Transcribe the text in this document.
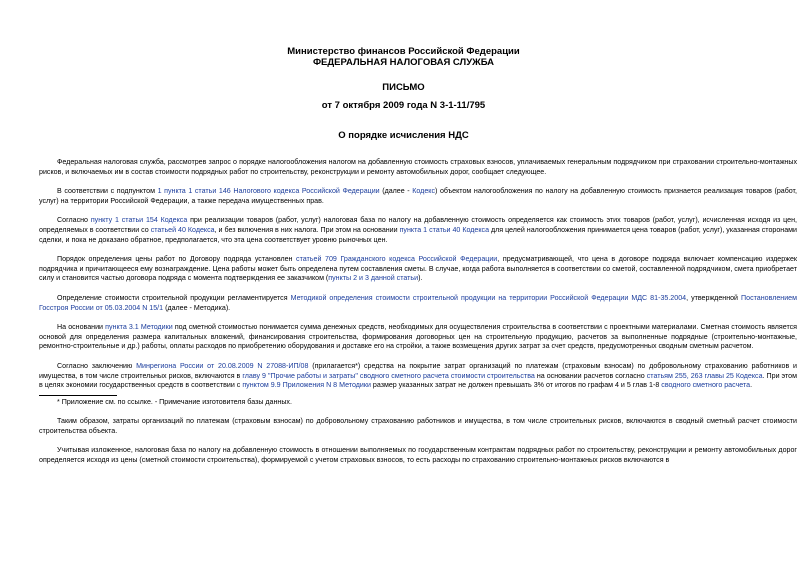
Министерство финансов Российской Федерации
ФЕДЕРАЛЬНАЯ НАЛОГОВАЯ СЛУЖБА
ПИСЬМО
от 7 октября 2009 года N 3-1-11/795
О порядке исчисления НДС

Федеральная налоговая служба, рассмотрев запрос о порядке налогообложения налогом на добавленную стоимость страховых взносов, уплачиваемых генеральным подрядчиком при страховании строительно-монтажных рисков, и включаемых им в состав стоимости подрядных работ по строительству, реконструкции и ремонту автомобильных дорог, сообщает следующее.

В соответствии с подпунктом 1 пункта 1 статьи 146 Налогового кодекса Российской Федерации (далее - Кодекс) объектом налогообложения по налогу на добавленную стоимость признается реализация товаров (работ, услуг) на территории Российской Федерации, а также передача имущественных прав.

Согласно пункту 1 статьи 154 Кодекса при реализации товаров (работ, услуг) налоговая база по налогу на добавленную стоимость определяется как стоимость этих товаров (работ, услуг), исчисленная исходя из цен, определяемых в соответствии со статьей 40 Кодекса, и без включения в них налога. При этом на основании пункта 1 статьи 40 Кодекса для целей налогообложения принимается цена товаров (работ, услуг), указанная сторонами сделки, и пока не доказано обратное, предполагается, что эта цена соответствует уровню рыночных цен.

Порядок определения цены работ по Договору подряда установлен статьей 709 Гражданского кодекса Российской Федерации, предусматривающей, что цена в договоре подряда включает компенсацию издержек подрядчика и причитающееся ему вознаграждение. Цена работы может быть определена путем составления сметы. В случае, когда работа выполняется в соответствии со сметой, составленной подрядчиком, смета приобретает силу и становится частью договора подряда с момента подтверждения ее заказчиком (пункты 2 и 3 данной статьи).

Определение стоимости строительной продукции регламентируется Методикой определения стоимости строительной продукции на территории Российской Федерации МДС 81-35.2004, утвержденной Постановлением Госстроя России от 05.03.2004 N 15/1 (далее - Методика).

На основании пункта 3.1 Методики под сметной стоимостью понимается сумма денежных средств, необходимых для осуществления строительства в соответствии с проектными материалами. Сметная стоимость является основой для определения размера капитальных вложений, финансирования строительства, формирования договорных цен на строительную продукцию, расчетов за выполненные подрядные (строительно-монтажные, ремонтно-строительные и др.) работы, оплаты расходов по приобретению оборудования и доставке его на стройки, а также возмещения других затрат за счет средств, предусмотренных сводным сметным расчетом.

Согласно заключению Минрегиона России от 20.08.2009 N 27088-ИП/08 (прилагается*) средства на покрытие затрат организаций по платежам (страховым взносам) по добровольному страхованию работников и имущества, в том числе строительных рисков, включаются в главу 9 "Прочие работы и затраты" сводного сметного расчета стоимости строительства на основании расчетов согласно статьям 255, 263 главы 25 Кодекса. При этом в целях экономии государственных средств в соответствии с пунктом 9.9 Приложения N 8 Методики размер указанных затрат не должен превышать 3% от итогов по графам 4 и 5 глав 1-8 сводного сметного расчета.

* Приложение см. по ссылке. - Примечание изготовителя базы данных.

Таким образом, затраты организаций по платежам (страховым взносам) по добровольному страхованию работников и имущества, в том числе строительных рисков, включаются в сводный сметный расчет стоимости строительства объекта.

Учитывая изложенное, налоговая база по налогу на добавленную стоимость в отношении выполняемых по государственным контрактам подрядных работ по строительству, реконструкции и ремонту автомобильных дорог определяется исходя из цены (сметной стоимости строительства), формируемой с учетом страховых взносов, то есть расходы по страхованию строительно-монтажных рисков включаются в
